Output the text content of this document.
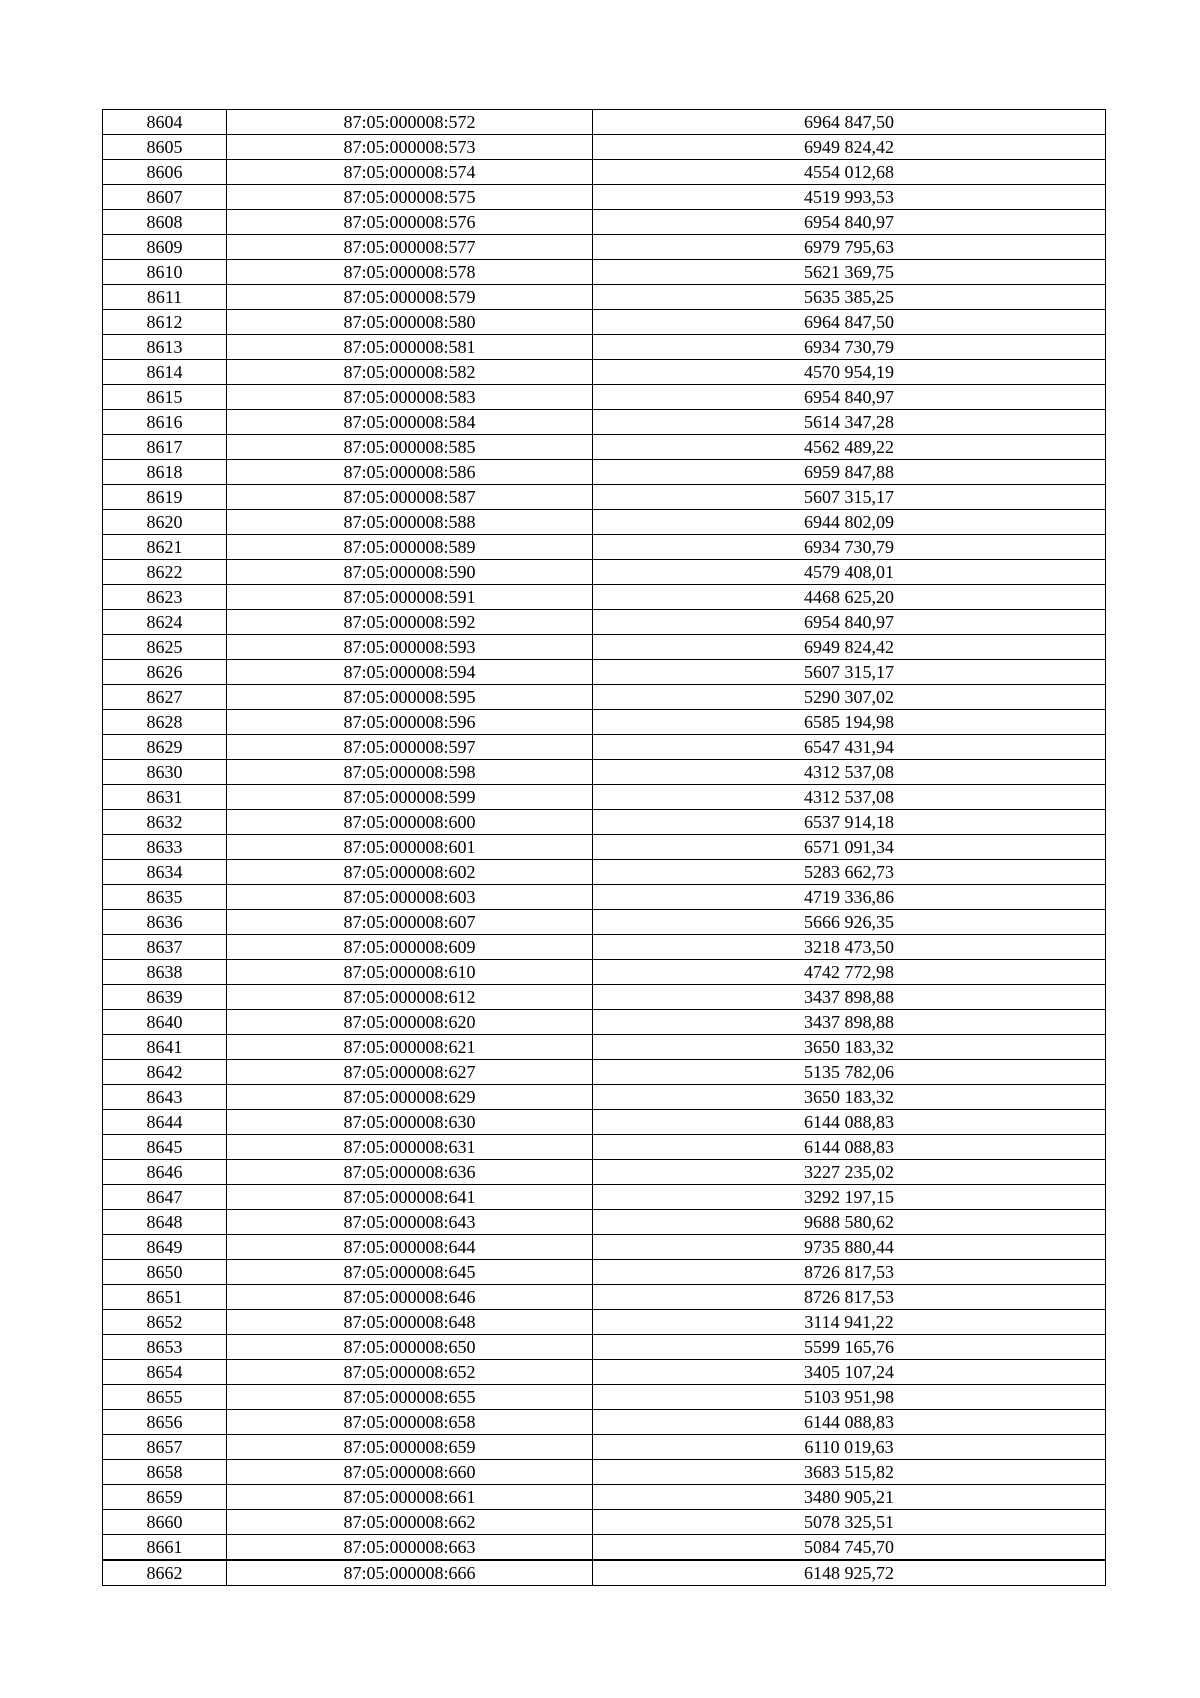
8604	87:05:000008:572	6964 847,50
8605	87:05:000008:573	6949 824,42
8606	87:05:000008:574	4554 012,68
8607	87:05:000008:575	4519 993,53
8608	87:05:000008:576	6954 840,97
8609	87:05:000008:577	6979 795,63
8610	87:05:000008:578	5621 369,75
8611	87:05:000008:579	5635 385,25
8612	87:05:000008:580	6964 847,50
8613	87:05:000008:581	6934 730,79
8614	87:05:000008:582	4570 954,19
8615	87:05:000008:583	6954 840,97
8616	87:05:000008:584	5614 347,28
8617	87:05:000008:585	4562 489,22
8618	87:05:000008:586	6959 847,88
8619	87:05:000008:587	5607 315,17
8620	87:05:000008:588	6944 802,09
8621	87:05:000008:589	6934 730,79
8622	87:05:000008:590	4579 408,01
8623	87:05:000008:591	4468 625,20
8624	87:05:000008:592	6954 840,97
8625	87:05:000008:593	6949 824,42
8626	87:05:000008:594	5607 315,17
8627	87:05:000008:595	5290 307,02
8628	87:05:000008:596	6585 194,98
8629	87:05:000008:597	6547 431,94
8630	87:05:000008:598	4312 537,08
8631	87:05:000008:599	4312 537,08
8632	87:05:000008:600	6537 914,18
8633	87:05:000008:601	6571 091,34
8634	87:05:000008:602	5283 662,73
8635	87:05:000008:603	4719 336,86
8636	87:05:000008:607	5666 926,35
8637	87:05:000008:609	3218 473,50
8638	87:05:000008:610	4742 772,98
8639	87:05:000008:612	3437 898,88
8640	87:05:000008:620	3437 898,88
8641	87:05:000008:621	3650 183,32
8642	87:05:000008:627	5135 782,06
8643	87:05:000008:629	3650 183,32
8644	87:05:000008:630	6144 088,83
8645	87:05:000008:631	6144 088,83
8646	87:05:000008:636	3227 235,02
8647	87:05:000008:641	3292 197,15
8648	87:05:000008:643	9688 580,62
8649	87:05:000008:644	9735 880,44
8650	87:05:000008:645	8726 817,53
8651	87:05:000008:646	8726 817,53
8652	87:05:000008:648	3114 941,22
8653	87:05:000008:650	5599 165,76
8654	87:05:000008:652	3405 107,24
8655	87:05:000008:655	5103 951,98
8656	87:05:000008:658	6144 088,83
8657	87:05:000008:659	6110 019,63
8658	87:05:000008:660	3683 515,82
8659	87:05:000008:661	3480 905,21
8660	87:05:000008:662	5078 325,51
8661	87:05:000008:663	5084 745,70
8662	87:05:000008:666	6148 925,72
